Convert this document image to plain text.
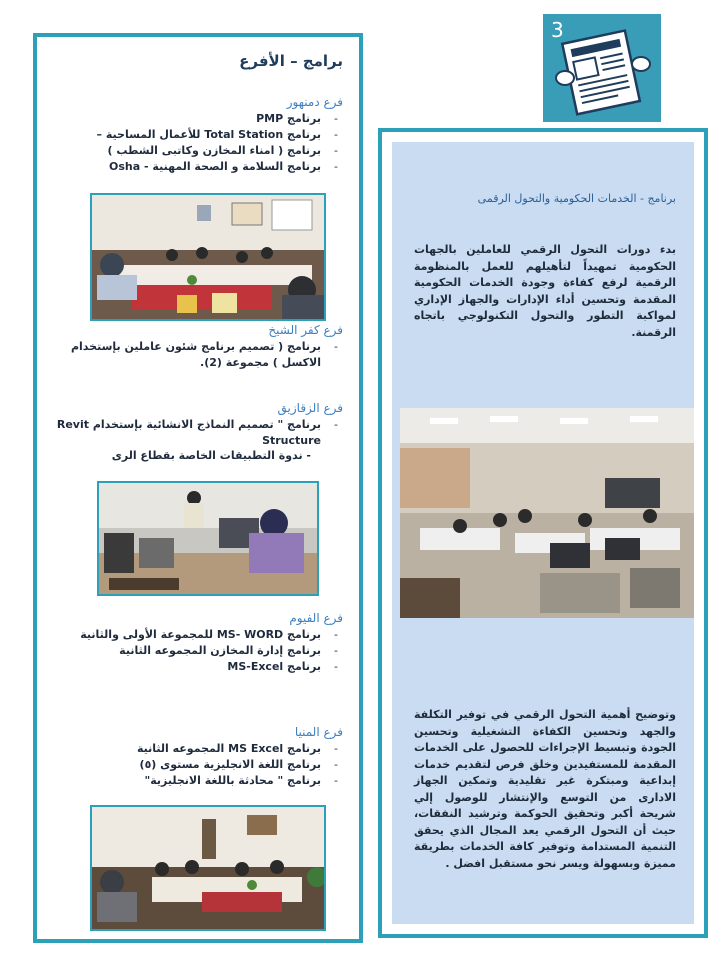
3
برامج – الأفرع
فرع دمنهور
- برنامج PMP
- برنامج Total Station للأعمال المساحية –
- برنامج ( امناء المخازن وكاتبى الشطب )
- برنامج السلامة و الصحة المهنية - Osha
فرع كفر الشيخ
- برنامج ( تصميم برنامج شئون عاملين بإستخدام الاكسل ) مجموعة (2).
فرع الزقازيق
- برنامج " تصميم النماذج الانشائية بإستخدام Revit Structure
- ندوة التطبيقات الخاصة بقطاع الرى
فرع الفيوم
- برنامج MS- WORD للمجموعة الأولى والثانية
- برنامج إدارة المخازن المجموعه الثانية
- برنامج MS-Excel
فرع المنيا
- برنامج MS Excel المجموعه الثانية
- برنامج اللغة الانجليزية مستوى (٥)
- برنامج " محادثة باللغة الانجليزية"
برنامج - الخدمات الحكومية والتحول الرقمى
بدء دورات التحول الرقمي للعاملين بالجهات الحكومية تمهيداً لتأهيلهم للعمل بالمنظومة الرقمية لرفع كفاءة وجودة الخدمات الحكومية المقدمة وتحسين أداء الإدارات والجهاز الإداري لمواكبة التطور والتحول التكنولوجي باتجاه الرقمنة.
وتوضيح أهمية التحول الرقمي في توفير التكلفة والجهد وتحسين الكفاءة التشغيلية وتحسين الجودة وتبسيط الإجراءات للحصول على الخدمات المقدمة للمستفيدين وخلق فرص لتقديم خدمات إبداعية ومبتكرة غير تقليدية وتمكين الجهاز الادارى من التوسع والإنتشار للوصول إلي شريحة أكبر وتحقيق الحوكمة وترشيد النفقات، حيث أن التحول الرقمي يعد المجال الذي يحقق التنمية المستدامة وتوفير كافة الخدمات بطريقة مميزة وبسهولة ويسر نحو مستقبل افضل .
